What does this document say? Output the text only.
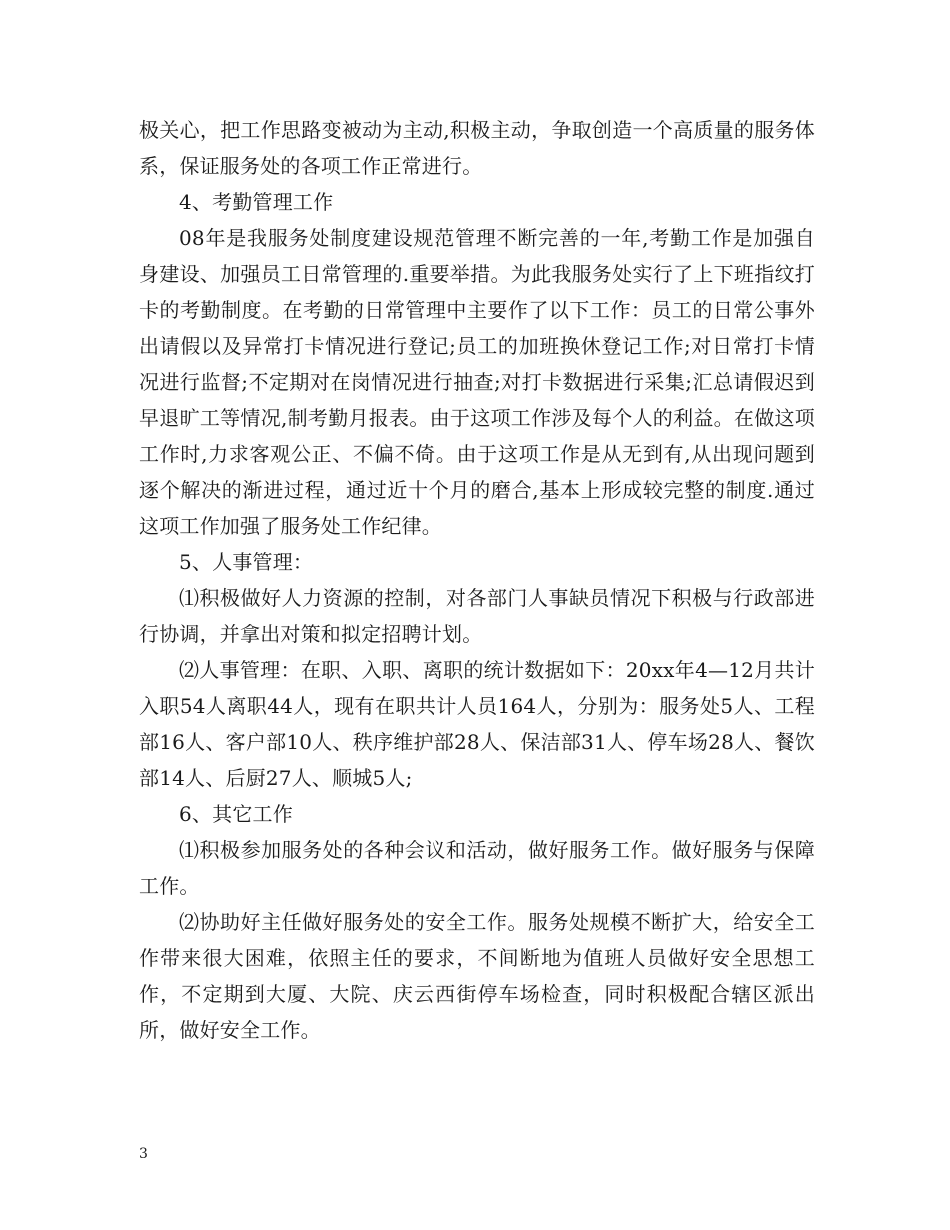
极关心，把工作思路变被动为主动,积极主动，争取创造一个高质量的服务体系，保证服务处的各项工作正常进行。

4、考勤管理工作

08年是我服务处制度建设规范管理不断完善的一年,考勤工作是加强自身建设、加强员工日常管理的.重要举措。为此我服务处实行了上下班指纹打卡的考勤制度。在考勤的日常管理中主要作了以下工作：员工的日常公事外出请假以及异常打卡情况进行登记;员工的加班换休登记工作;对日常打卡情况进行监督;不定期对在岗情况进行抽查;对打卡数据进行采集;汇总请假迟到早退旷工等情况,制考勤月报表。由于这项工作涉及每个人的利益。在做这项工作时,力求客观公正、不偏不倚。由于这项工作是从无到有,从出现问题到逐个解决的渐进过程，通过近十个月的磨合,基本上形成较完整的制度.通过这项工作加强了服务处工作纪律。

5、人事管理：

⑴积极做好人力资源的控制，对各部门人事缺员情况下积极与行政部进行协调，并拿出对策和拟定招聘计划。

⑵人事管理：在职、入职、离职的统计数据如下：20xx年4—12月共计入职54人离职44人，现有在职共计人员164人，分别为：服务处5人、工程部16人、客户部10人、秩序维护部28人、保洁部31人、停车场28人、餐饮部14人、后厨27人、顺城5人;

6、其它工作

⑴积极参加服务处的各种会议和活动，做好服务工作。做好服务与保障工作。

⑵协助好主任做好服务处的安全工作。服务处规模不断扩大，给安全工作带来很大困难，依照主任的要求，不间断地为值班人员做好安全思想工作，不定期到大厦、大院、庆云西街停车场检查，同时积极配合辖区派出所，做好安全工作。

3
